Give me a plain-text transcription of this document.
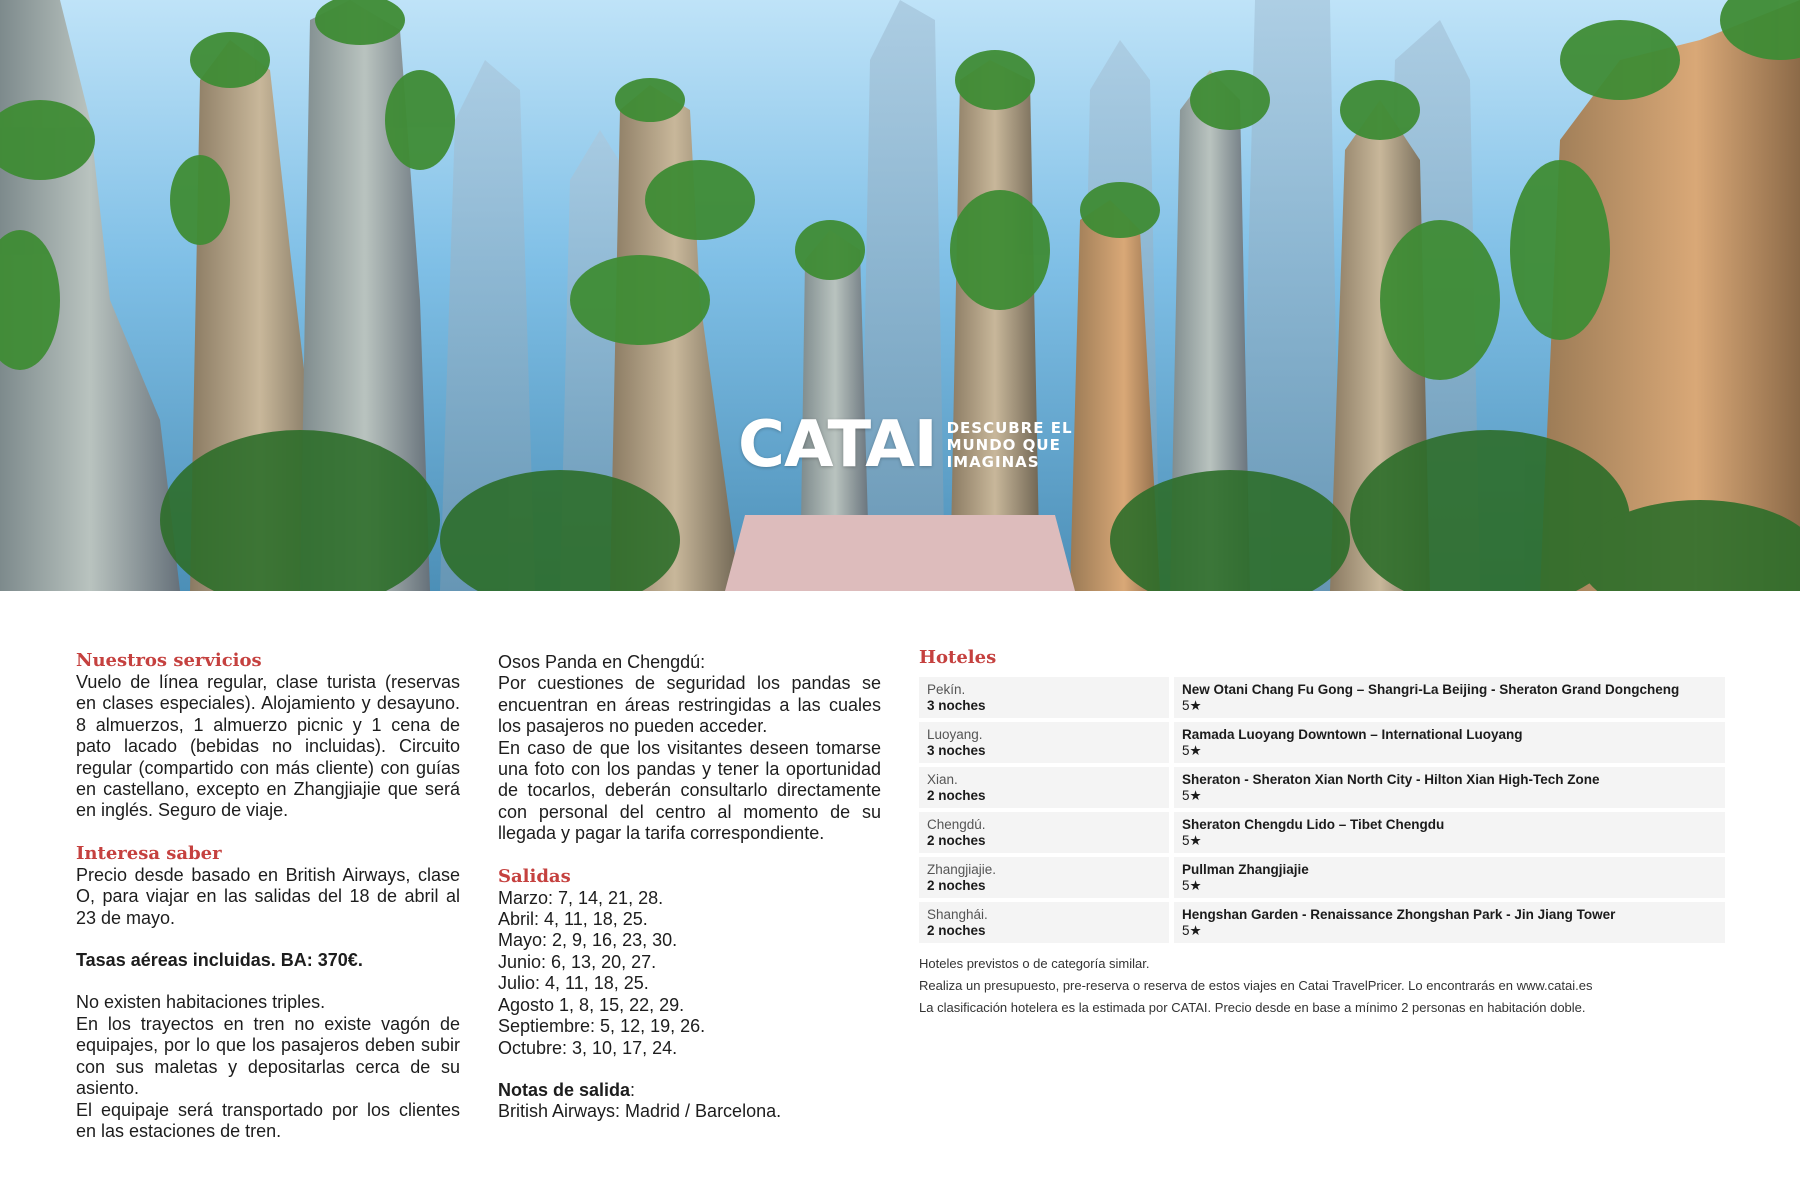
CATAI DESCUBRE EL
MUNDO QUE
IMAGINAS
Nuestros servicios

Vuelo de línea regular, clase turista (reservas en clases especiales). Alojamiento y desayuno. 8 almuerzos, 1 almuerzo picnic y 1 cena de pato lacado (bebidas no incluidas). Circuito regular (compartido con más cliente) con guías en castellano, excepto en Zhangjiajie que será en inglés. Seguro de viaje.

Interesa saber

Precio desde basado en British Airways, clase O, para viajar en las salidas del 18 de abril al 23 de mayo.

Tasas aéreas incluidas. BA: 370€.

No existen habitaciones triples.

En los trayectos en tren no existe vagón de equipajes, por lo que los pasajeros deben subir con sus maletas y depositarlas cerca de su asiento.

El equipaje será transportado por los clientes en las estaciones de tren.

Osos Panda en Chengdú:

Por cuestiones de seguridad los pandas se encuentran en áreas restringidas a las cuales los pasajeros no pueden acceder.

En caso de que los visitantes deseen tomarse una foto con los pandas y tener la oportunidad de tocarlos, deberán consultarlo directamente con personal del centro al momento de su llegada y pagar la tarifa correspondiente.

Salidas
Marzo: 7, 14, 21, 28.
Abril: 4, 11, 18, 25.
Mayo: 2, 9, 16, 23, 30.
Junio: 6, 13, 20, 27.
Julio: 4, 11, 18, 25.
Agosto 1, 8, 15, 22, 29.
Septiembre: 5, 12, 19, 26.
Octubre: 3, 10, 17, 24.

Notas de salida:

British Airways: Madrid / Barcelona.

Hoteles
Pekín.
3 noches	New Otani Chang Fu Gong – Shangri-La Beijing - Sheraton Grand Dongcheng
5★

Luoyang.
3 noches	Ramada Luoyang Downtown – International Luoyang
5★

Xian.
2 noches	Sheraton - Sheraton Xian North City - Hilton Xian High-Tech Zone
5★

Chengdú.
2 noches	Sheraton Chengdu Lido – Tibet Chengdu
5★

Zhangjiajie.
2 noches	Pullman Zhangjiajie
5★

Shanghái.
2 noches	Hengshan Garden - Renaissance Zhongshan Park - Jin Jiang Tower
5★

Hoteles previstos o de categoría similar.

Realiza un presupuesto, pre-reserva o reserva de estos viajes en Catai TravelPricer. Lo encontrarás en www.catai.es

La clasificación hotelera es la estimada por CATAI. Precio desde en base a mínimo 2 personas en habitación doble.
